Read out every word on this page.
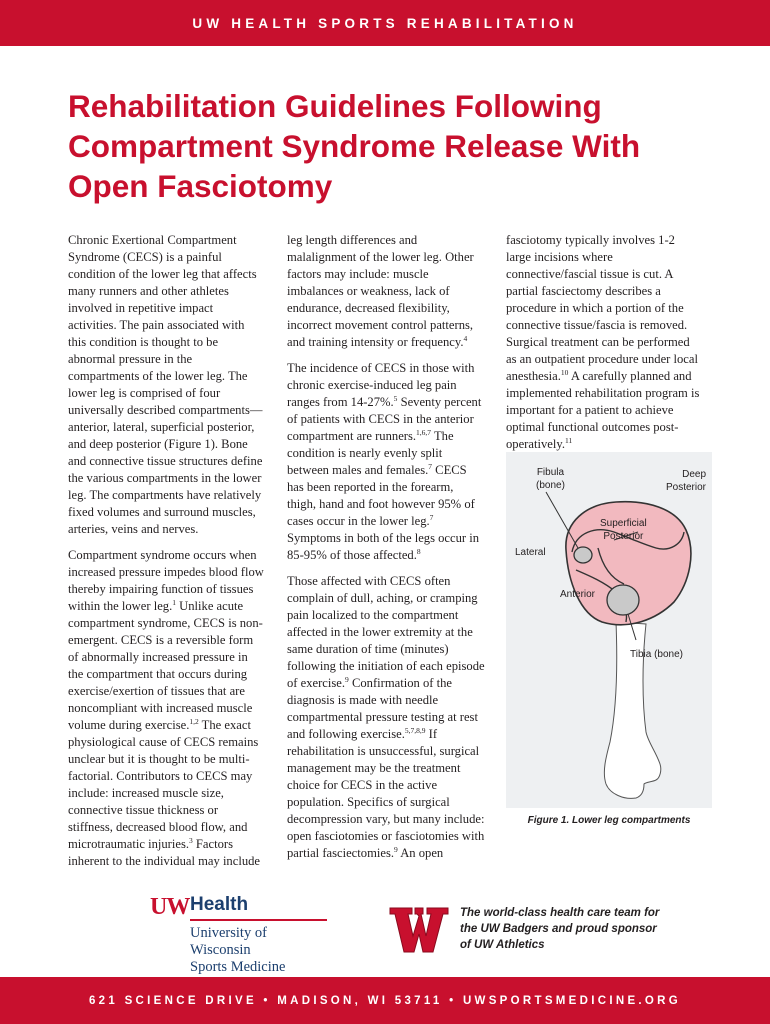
UW HEALTH SPORTS REHABILITATION
Rehabilitation Guidelines Following Compartment Syndrome Release With Open Fasciotomy

Chronic Exertional Compartment Syndrome (CECS) is a painful condition of the lower leg that affects many runners and other athletes involved in repetitive impact activities. The pain associated with this condition is thought to be abnormal pressure in the compartments of the lower leg. The lower leg is comprised of four universally described compartments—anterior, lateral, superficial posterior, and deep posterior (Figure 1). Bone and connective tissue structures define the various compartments in the lower leg. The compartments have relatively fixed volumes and surround muscles, arteries, veins and nerves.

Compartment syndrome occurs when increased pressure impedes blood flow thereby impairing function of tissues within the lower leg.$^1$ Unlike acute compartment syndrome, CECS is non-emergent. CECS is a reversible form of abnormally increased pressure in the compartment that occurs during exercise/exertion of tissues that are noncompliant with increased muscle volume during exercise.$^{1,2}$ The exact physiological cause of CECS remains unclear but it is thought to be multi-factorial. Contributors to CECS may include: increased muscle size, connective tissue thickness or stiffness, decreased blood flow, and microtraumatic injuries.$^3$ Factors inherent to the individual may include

leg length differences and malalignment of the lower leg. Other factors may include: muscle imbalances or weakness, lack of endurance, decreased flexibility, incorrect movement control patterns, and training intensity or frequency.$^4$

The incidence of CECS in those with chronic exercise-induced leg pain ranges from 14-27%.$^5$ Seventy percent of patients with CECS in the anterior compartment are runners.$^{1,6,7}$ The condition is nearly evenly split between males and females.$^7$ CECS has been reported in the forearm, thigh, hand and foot however 95% of cases occur in the lower leg.$^7$ Symptoms in both of the legs occur in 85-95% of those affected.$^8$

Those affected with CECS often complain of dull, aching, or cramping pain localized to the compartment affected in the lower extremity at the same duration of time (minutes) following the initiation of each episode of exercise.$^9$ Confirmation of the diagnosis is made with needle compartmental pressure testing at rest and following exercise.$^{5,7,8,9}$ If rehabilitation is unsuccessful, surgical management may be the treatment choice for CECS in the active population. Specifics of surgical decompression vary, but many include: open fasciotomies or fasciotomies with partial fasciectomies.$^9$ An open

fasciotomy typically involves 1-2 large incisions where connective/fascial tissue is cut. A partial fasciectomy describes a procedure in which a portion of the connective tissue/fascia is removed. Surgical treatment can be performed as an outpatient procedure under local anesthesia.$^{10}$ A carefully planned and implemented rehabilitation program is important for a patient to achieve optimal functional outcomes post-operatively.$^{11}$

Fibula
(bone)
Deep
Posterior
Superficial
Posterior
Lateral
Anterior
Tibia (bone)
Figure 1. Lower leg compartments
UW Health
University of Wisconsin
Sports Medicine
The world-class health care team for the UW Badgers and proud sponsor of UW Athletics
621 SCIENCE DRIVE • MADISON, WI 53711 • UWSPORTSMEDICINE.ORG
